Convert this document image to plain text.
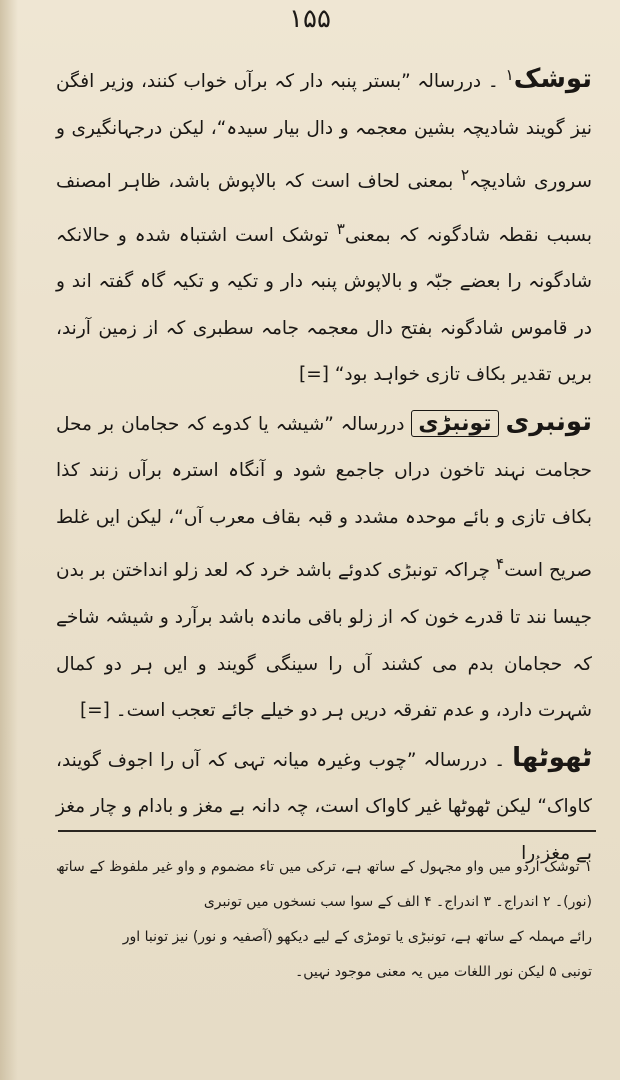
۱۵۵

توشک$^۱$ ۔ دررسالہ ”بستر پنبہ دار کہ برآں خواب کنند، وزیر افگن نیز گویند شادیچہ بشین معجمہ و دال بیار سیدہ“، لیکن درجہانگیری و سروری شادیچہ$^۲$ بمعنی لحاف است کہ بالاپوش باشد، ظاہر امصنف بسبب نقطہ شادگونہ کہ بمعنی$^۳$ توشک است اشتباہ شدہ و حالانکہ شادگونہ را بعضے جبّہ و بالاپوش پنبہ دار و تکیہ و تکیہ گاہ گفتہ اند و در قاموس شادگونہ بفتح دال معجمہ جامہ سطبری کہ از زمین آرند، بریں تقدیر بکاف تازی خواہد بود“ [=]

تونبری تونبڑی دررسالہ ”شیشہ یا کدوے کہ حجامان بر محل حجامت نہند تاخون دراں جاجمع شود و آنگاہ استرہ برآں زنند کذا بکاف تازی و بائے موحدہ مشدد و قبہ بقاف معرب آں“، لیکن ایں غلط صریح است$^۴$ چراکہ تونبڑی کدوئے باشد خرد کہ لعد زلو انداختن بر بدن جیسا نند تا قدرے خون کہ از زلو باقی ماندہ باشد برآرد و شیشہ شاخے کہ حجامان بدم می کشند آں را سینگی گویند و ایں ہر دو کمال شہرت دارد، و عدم تفرقہ دریں ہر دو خیلے جائے تعجب است۔ [=]

ٹھوٹھا ۔ دررسالہ ”چوب وغیرہ میانہ تہی کہ آں را اجوف گویند، کاواک“ لیکن ٹھوٹھا غیر کاواک است، چہ دانہ بے مغز و بادام و چار مغز بے مغز را

۱ توشک اُردو میں واو مجہول کے ساتھ ہے، ترکی میں تاء مضموم و واو غیر ملفوظ کے ساتھ (نور)۔ ۲ اندراج۔ ۳ اندراج۔ ۴ الف کے سوا سب نسخوں میں تونبری

رائے مہملہ کے ساتھ ہے، تونبڑی یا تومڑی کے لیے دیکھو (آصفیہ و نور) نیز تونبا اور

تونبی ۵ لیکن نور اللغات میں یہ معنی موجود نہیں۔
